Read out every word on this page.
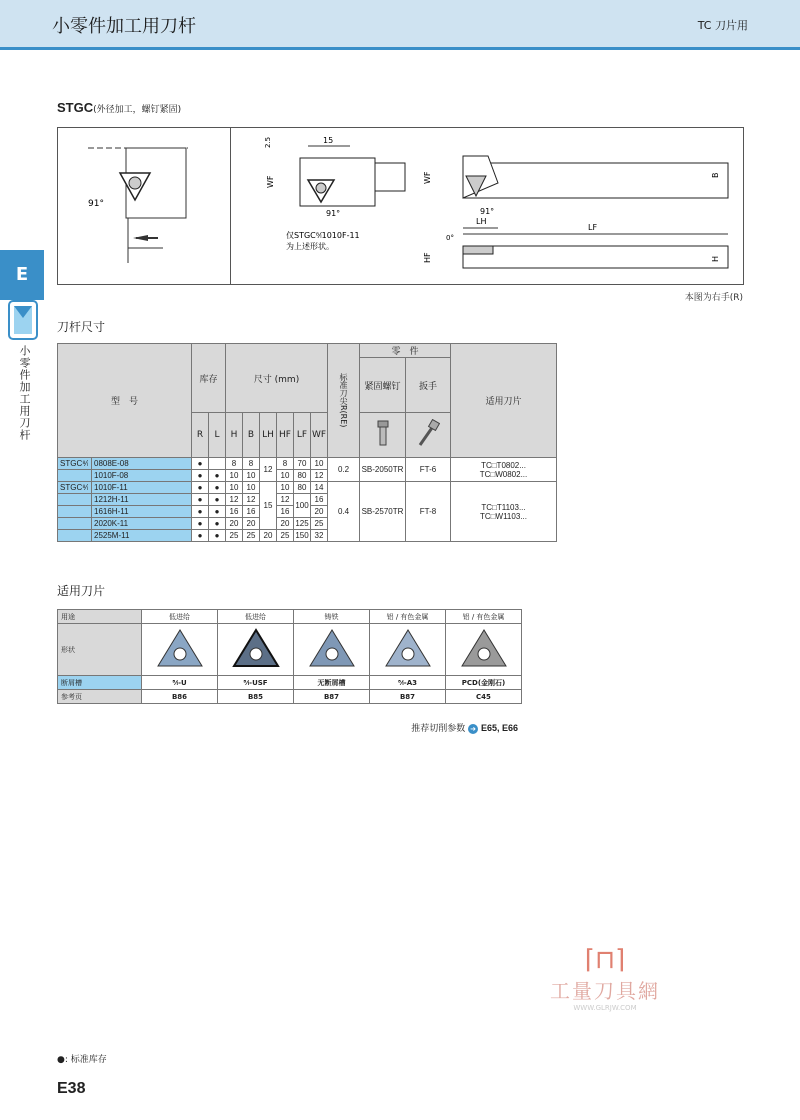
小零件加工用刀杆	TC 刀片用
E
小零件加工用刀杆
STGC(外径加工，螺钉紧固)
91°
15
2.5
WF
91°
仅STGC⁸⁄ₗ1010F-11
为上述形状。
WF	B
91°
LH
LF
0°
HF	H
本图为右手(R)
刀杆尺寸
型　号		库存		尺寸 (mm)						标准刀尖R(RE)	零　件		适用刀片
											紧固螺钉	扳手	
		R	L	H	B	LH	HF	LF	WF		
STGC⁸⁄ₗ	0808E-08	●		8	8	12	8	70	10	0.2	SB-2050TR	FT-6	TC□T0802...
TC□W0802...

	1010F-08	●	●	10	10		10	80	12				
STGC⁸⁄ₗ	1010F-11	●	●	10	10	15	10	80	14	0.4	SB-2570TR	FT-8	TC□T1103...
TC□W1103...

	1212H-11	●	●	12	12		12	100	16				
	1616H-11	●	●	16	16		16		20				
	2020K-11	●	●	20	20		20	125	25				
	2525M-11	●	●	25	25	20	25	150	32				
适用刀片
用途	低进给	低进给	铸铁	铝 / 有色金属	铝 / 有色金属
形状					
断屑槽	⁸⁄ₗ-U	⁸⁄ₗ-USF	无断屑槽	⁸⁄ₗ-A3	PCD(金刚石)
参考页	B86	B85	B87	B87	C45
推荐切削参数 ➜ E65, E66
⌈⊓⌉
工量刀具網
WWW.GLRJW.COM
●: 标准库存
E38
